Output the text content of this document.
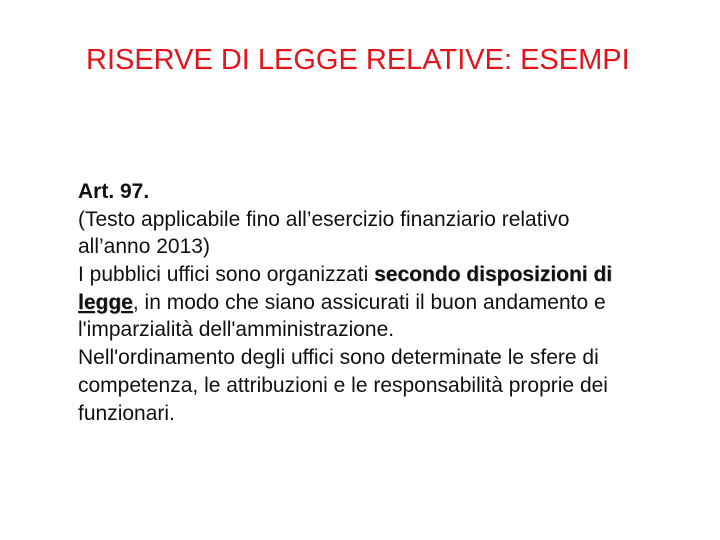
RISERVE DI LEGGE RELATIVE: ESEMPI
Art. 97.
(Testo applicabile fino all’esercizio finanziario relativo
all’anno 2013)
I pubblici uffici sono organizzati secondo disposizioni di
legge, in modo che siano assicurati il buon andamento e
l'imparzialità dell'amministrazione.
Nell'ordinamento degli uffici sono determinate le sfere di
competenza, le attribuzioni e le responsabilità proprie dei
funzionari.
